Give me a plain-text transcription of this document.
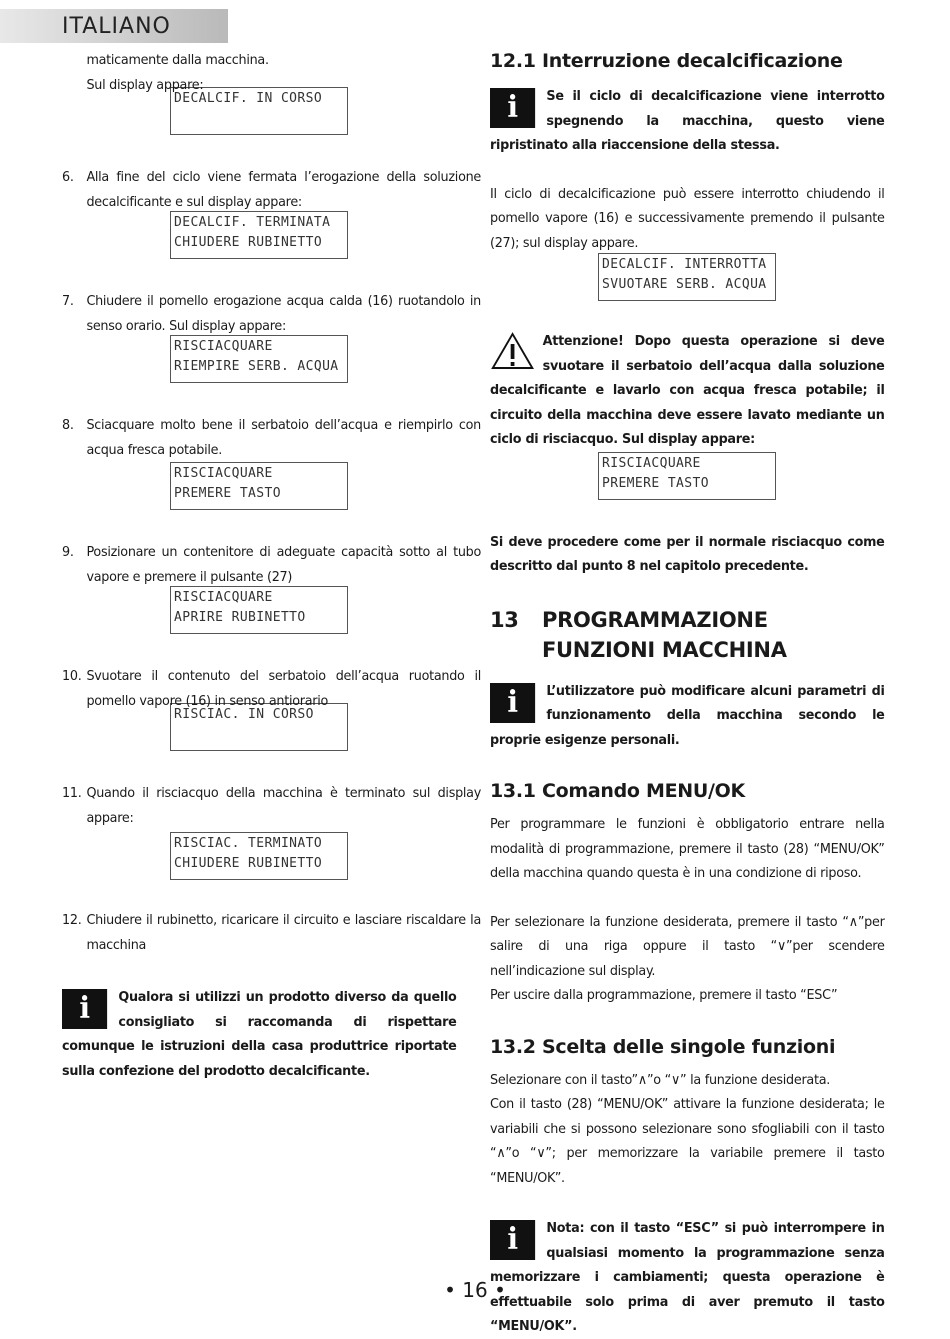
ITALIANO
maticamente dalla macchina.
Sul display appare:
DECALCIF. IN CORSO
6. Alla fine del ciclo viene fermata l’erogazione della soluzione decalcificante e sul display appare:
DECALCIF. TERMINATA
CHIUDERE RUBINETTO
7. Chiudere il pomello erogazione acqua calda (16) ruotandolo in senso orario. Sul display appare:
RISCIACQUARE
RIEMPIRE SERB. ACQUA
8. Sciacquare molto bene il serbatoio dell’acqua e riempirlo con acqua fresca potabile.
RISCIACQUARE
PREMERE TASTO
9. Posizionare un contenitore di adeguate capacità sotto al tubo vapore e premere il pulsante (27)
RISCIACQUARE
APRIRE RUBINETTO
10. Svuotare il contenuto del serbatoio dell’acqua ruotando il pomello vapore (16) in senso antiorario
RISCIAC. IN CORSO
11. Quando il risciacquo della macchina è terminato sul display appare:
RISCIAC. TERMINATO
CHIUDERE RUBINETTO
12. Chiudere il rubinetto, ricaricare il circuito e lasciare riscaldare la macchina
i	Qualora si utilizzi un prodotto diverso da quello consigliato si raccomanda di rispettare comunque le istruzioni della casa produttrice riportate sulla confezione del prodotto decalcificante.
12.1 Interruzione decalcificazione
i	Se il ciclo di decalcificazione viene interrotto spegnendo la macchina, questo viene ripristinato alla riaccensione della stessa.
Il ciclo di decalcificazione può essere interrotto chiudendo il pomello vapore (16) e successivamente premendo il pulsante (27); sul display appare.
DECALCIF. INTERROTTA
SVUOTARE SERB. ACQUA
Attenzione! Dopo questa operazione si deve svuotare il serbatoio dell’acqua dalla soluzione decalcificante e lavarlo con acqua fresca potabile; il circuito della macchina deve essere lavato mediante un ciclo di risciacquo. Sul display appare:
RISCIACQUARE
PREMERE TASTO
Si deve procedere come per il normale risciacquo come descritto dal punto 8 nel capitolo precedente.
13 PROGRAMMAZIONE FUNZIONI MACCHINA
i	L’utilizzatore può modificare alcuni parametri di funzionamento della macchina secondo le proprie esigenze personali.
13.1 Comando MENU/OK
Per programmare le funzioni è obbligatorio entrare nella modalità di programmazione, premere il tasto (28) “MENU/OK” della macchina quando questa è in una condizione di riposo.
Per selezionare la funzione desiderata, premere il tasto “∧”per salire di una riga oppure il tasto “∨”per scendere nell’indicazione sul display.
Per uscire dalla programmazione, premere il tasto “ESC”
13.2 Scelta delle singole funzioni
Selezionare con il tasto”∧”o “∨” la funzione desiderata.
Con il tasto (28) “MENU/OK” attivare la funzione desiderata; le variabili che si possono selezionare sono sfogliabili con il tasto “∧”o “∨”; per memorizzare la variabile premere il tasto “MENU/OK”.
i	Nota: con il tasto “ESC” si può interrompere in qualsiasi momento la programmazione senza memorizzare i cambiamenti; questa operazione è effettuabile solo prima di aver premuto il tasto “MENU/OK”.
• 16 •
